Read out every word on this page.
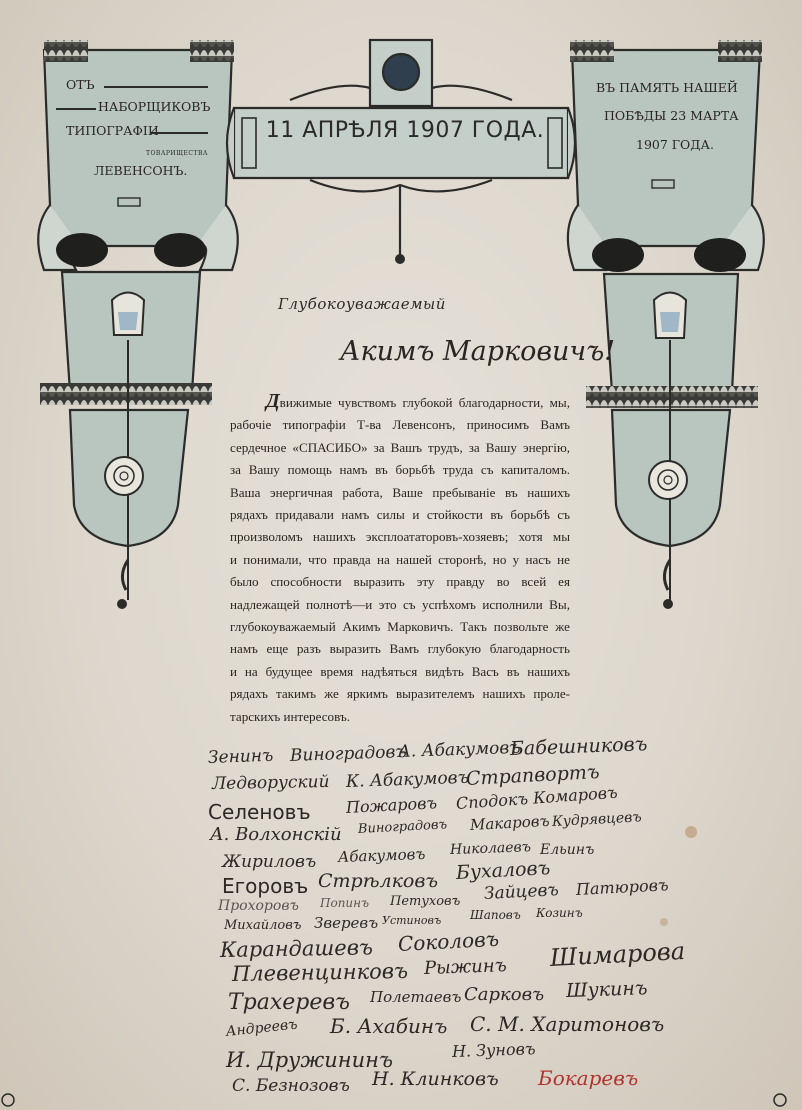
ОТЪ
НАБОРЩИКОВЪ
ТИПОГРАФІИ
ТОВАРИЩЕСТВА
ЛЕВЕНСОНЪ.
ВЪ ПАМЯТЬ НАШЕЙ
ПОБѢДЫ 23 МАРТА
1907 ГОДА.
11 АПРѢЛЯ 1907 ГОДА.
Глубокоуважаемый
Акимъ Марковичъ!
Движимые чувствомъ глубокой благодарности, мы,
рабочіе типографіи Т-ва Левенсонъ, приносимъ Вамъ
сердечное «СПАСИБО» за Вашъ трудъ, за Вашу энергію,
за Вашу помощь намъ въ борьбѣ труда съ капиталомъ.
Ваша энергичная работа, Ваше пребываніе въ нашихъ
рядахъ придавали намъ силы и стойкости въ борьбѣ съ
произволомъ нашихъ эксплоататоровъ-хозяевъ; хотя мы
и понимали, что правда на нашей сторонѣ, но у насъ не
было способности выразить эту правду во всей ея
надлежащей полнотѣ—и это съ успѣхомъ исполнили Вы,
глубокоуважаемый Акимъ Марковичъ. Такъ позвольте же
намъ еще разъ выразить Вамъ глубокую благодарность
и на будущее время надѣяться видѣть Васъ въ нашихъ
рядахъ такимъ же яркимъ выразителемъ нашихъ проле-
тарскихъ интересовъ.
Зенинъ Виноградовъ
А. Абакумовъ
Бабешниковъ
Ледворуский К. Абакумовъ
Страпвортъ
Селеновъ Пожаровъ Сподокъ Комаровъ
А. Волхонскій Виноградовъ Макаровъ Кудрявцевъ
Жириловъ Абакумовъ Николаевъ Ельинъ
Егоровъ Стрѣлковъ Бухаловъ
Прохоровъ Попинъ Петуховъ Зайцевъ Патюровъ
Михайловъ Зверевъ Устиновъ Шаповъ Козинъ
Карандашевъ Соколовъ
Плевенцинковъ Рыжинъ Шимарова
Трахеревъ Полетаевъ Сарковъ Шукинъ
Андреевъ Б. Ахабинъ С. М. Харитоновъ
И. Дружининъ	Н. Зуновъ
С. Безнозовъ Н. Клинковъ Бокаревъ
